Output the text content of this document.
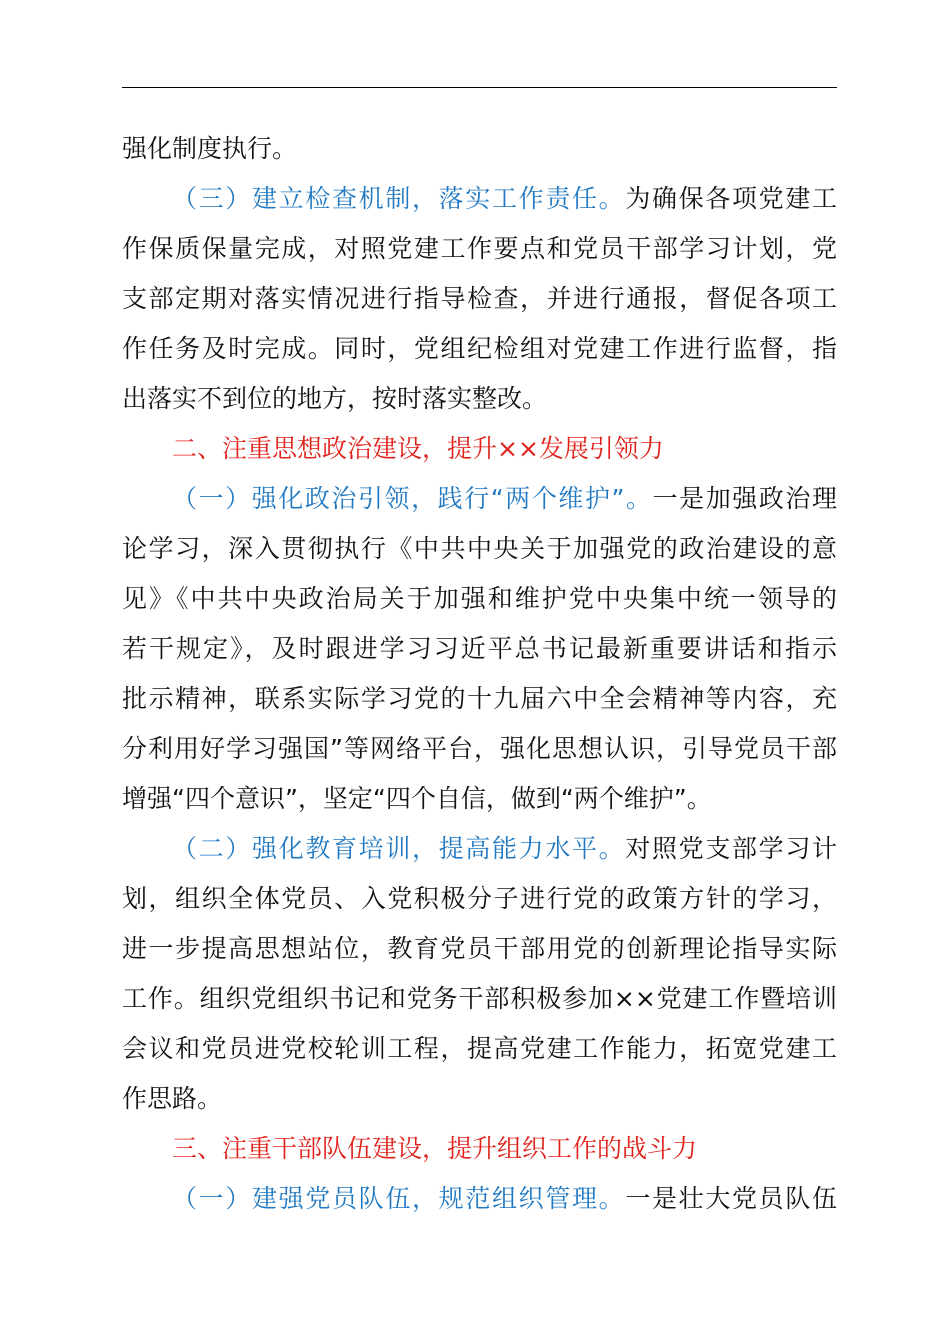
强化制度执行。
（三）建立检查机制，落实工作责任。为确保各项党建工
作保质保量完成，对照党建工作要点和党员干部学习计划，党
支部定期对落实情况进行指导检查，并进行通报，督促各项工
作任务及时完成。同时，党组纪检组对党建工作进行监督，指
出落实不到位的地方，按时落实整改。
二、注重思想政治建设，提升××发展引领力
（一）强化政治引领，践行“两个维护”。一是加强政治理
论学习，深入贯彻执行《中共中央关于加强党的政治建设的意
见》《中共中央政治局关于加强和维护党中央集中统一领导的
若干规定》，及时跟进学习习近平总书记最新重要讲话和指示
批示精神，联系实际学习党的十九届六中全会精神等内容，充
分利用好学习强国”等网络平台，强化思想认识，引导党员干部
增强“四个意识”，坚定“四个自信，做到“两个维护”。
（二）强化教育培训，提高能力水平。对照党支部学习计
划，组织全体党员、入党积极分子进行党的政策方针的学习，
进一步提高思想站位，教育党员干部用党的创新理论指导实际
工作。组织党组织书记和党务干部积极参加××党建工作暨培训
会议和党员进党校轮训工程，提高党建工作能力，拓宽党建工
作思路。
三、注重干部队伍建设，提升组织工作的战斗力
（一）建强党员队伍，规范组织管理。一是壮大党员队伍
